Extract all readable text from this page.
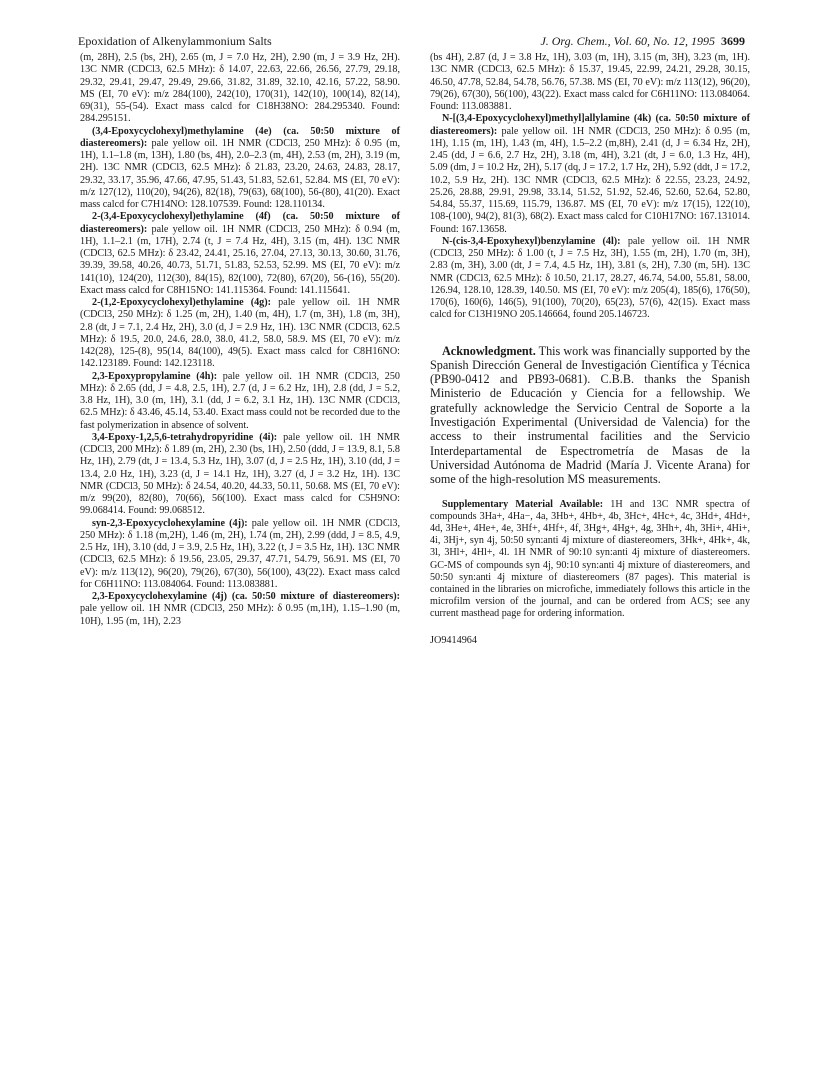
Epoxidation of Alkenylammonium Salts	J. Org. Chem., Vol. 60, No. 12, 1995 3699

(m, 28H), 2.5 (bs, 2H), 2.65 (m, J = 7.0 Hz, 2H), 2.90 (m, J = 3.9 Hz, 2H). 13C NMR (CDCl3, 62.5 MHz): δ 14.07, 22.63, 22.66, 26.56, 27.79, 29.18, 29.32, 29.41, 29.47, 29.49, 29.66, 31.82, 31.89, 32.10, 42.16, 57.22, 58.90. MS (EI, 70 eV): m/z 284(100), 242(10), 170(31), 142(10), 100(14), 82(14), 69(31), 55-(54). Exact mass calcd for C18H38NO: 284.295340. Found: 284.295151.

(3,4-Epoxycyclohexyl)methylamine (4e) (ca. 50:50 mixture of diastereomers): pale yellow oil. 1H NMR (CDCl3, 250 MHz): δ 0.95 (m, 1H), 1.1–1.8 (m, 13H), 1.80 (bs, 4H), 2.0–2.3 (m, 4H), 2.53 (m, 2H), 3.19 (m, 2H). 13C NMR (CDCl3, 62.5 MHz): δ 21.83, 23.20, 24.63, 24.83, 28.17, 29.32, 33.17, 35.96, 47.66, 47.95, 51.43, 51.83, 52.61, 52.84. MS (EI, 70 eV): m/z 127(12), 110(20), 94(26), 82(18), 79(63), 68(100), 56-(80), 41(20). Exact mass calcd for C7H14NO: 128.107539. Found: 128.110134.

2-(3,4-Epoxycyclohexyl)ethylamine (4f) (ca. 50:50 mixture of diastereomers): pale yellow oil. 1H NMR (CDCl3, 250 MHz): δ 0.94 (m, 1H), 1.1–2.1 (m, 17H), 2.74 (t, J = 7.4 Hz, 4H), 3.15 (m, 4H). 13C NMR (CDCl3, 62.5 MHz): δ 23.42, 24.41, 25.16, 27.04, 27.13, 30.13, 30.60, 31.76, 39.39, 39.58, 40.26, 40.73, 51.71, 51.83, 52.53, 52.99. MS (EI, 70 eV): m/z 141(10), 124(20), 112(30), 84(15), 82(100), 72(80), 67(20), 56-(16), 55(20). Exact mass calcd for C8H15NO: 141.115364. Found: 141.115641.

2-(1,2-Epoxycyclohexyl)ethylamine (4g): pale yellow oil. 1H NMR (CDCl3, 250 MHz): δ 1.25 (m, 2H), 1.40 (m, 4H), 1.7 (m, 3H), 1.8 (m, 3H), 2.8 (dt, J = 7.1, 2.4 Hz, 2H), 3.0 (d, J = 2.9 Hz, 1H). 13C NMR (CDCl3, 62.5 MHz): δ 19.5, 20.0, 24.6, 28.0, 38.0, 41.2, 58.0, 58.9. MS (EI, 70 eV): m/z 142(28), 125-(8), 95(14, 84(100), 49(5). Exact mass calcd for C8H16NO: 142.123189. Found: 142.123118.

2,3-Epoxypropylamine (4h): pale yellow oil. 1H NMR (CDCl3, 250 MHz): δ 2.65 (dd, J = 4.8, 2.5, 1H), 2.7 (d, J = 6.2 Hz, 1H), 2.8 (dd, J = 5.2, 3.8 Hz, 1H), 3.0 (m, 1H), 3.1 (dd, J = 6.2, 3.1 Hz, 1H). 13C NMR (CDCl3, 62.5 MHz): δ 43.46, 45.14, 53.40. Exact mass could not be recorded due to the fast polymerization in absence of solvent.

3,4-Epoxy-1,2,5,6-tetrahydropyridine (4i): pale yellow oil. 1H NMR (CDCl3, 200 MHz): δ 1.89 (m, 2H), 2.30 (bs, 1H), 2.50 (ddd, J = 13.9, 8.1, 5.8 Hz, 1H), 2.79 (dt, J = 13.4, 5.3 Hz, 1H), 3.07 (d, J = 2.5 Hz, 1H), 3.10 (dd, J = 13.4, 2.0 Hz, 1H), 3.23 (d, J = 14.1 Hz, 1H), 3.27 (d, J = 3.2 Hz, 1H). 13C NMR (CDCl3, 50 MHz): δ 24.54, 40.20, 44.33, 50.11, 50.68. MS (EI, 70 eV): m/z 99(20), 82(80), 70(66), 56(100). Exact mass calcd for C5H9NO: 99.068414. Found: 99.068512.

syn-2,3-Epoxycyclohexylamine (4j): pale yellow oil. 1H NMR (CDCl3, 250 MHz): δ 1.18 (m,2H), 1.46 (m, 2H), 1.74 (m, 2H), 2.99 (ddd, J = 8.5, 4.9, 2.5 Hz, 1H), 3.10 (dd, J = 3.9, 2.5 Hz, 1H), 3.22 (t, J = 3.5 Hz, 1H). 13C NMR (CDCl3, 62.5 MHz): δ 19.56, 23.05, 29.37, 47.71, 54.79, 56.91. MS (EI, 70 eV): m/z 113(12), 96(20), 79(26), 67(30), 56(100), 43(22). Exact mass calcd for C6H11NO: 113.084064. Found: 113.083881.

2,3-Epoxycyclohexylamine (4j) (ca. 50:50 mixture of diastereomers): pale yellow oil. 1H NMR (CDCl3, 250 MHz): δ 0.95 (m,1H), 1.15–1.90 (m, 10H), 1.95 (m, 1H), 2.23

(bs 4H), 2.87 (d, J = 3.8 Hz, 1H), 3.03 (m, 1H), 3.15 (m, 3H), 3.23 (m, 1H). 13C NMR (CDCl3, 62.5 MHz): δ 15.37, 19.45, 22.99, 24.21, 29.28, 30.15, 46.50, 47.78, 52.84, 54.78, 56.76, 57.38. MS (EI, 70 eV): m/z 113(12), 96(20), 79(26), 67(30), 56(100), 43(22). Exact mass calcd for C6H11NO: 113.084064. Found: 113.083881.

N-[(3,4-Epoxycyclohexyl)methyl]allylamine (4k) (ca. 50:50 mixture of diastereomers): pale yellow oil. 1H NMR (CDCl3, 250 MHz): δ 0.95 (m, 1H), 1.15 (m, 1H), 1.43 (m, 4H), 1.5–2.2 (m,8H), 2.41 (d, J = 6.34 Hz, 2H), 2.45 (dd, J = 6.6, 2.7 Hz, 2H), 3.18 (m, 4H), 3.21 (dt, J = 6.0, 1.3 Hz, 4H), 5.09 (dm, J = 10.2 Hz, 2H), 5.17 (dq, J = 17.2, 1.7 Hz, 2H), 5.92 (ddt, J = 17.2, 10.2, 5.9 Hz, 2H). 13C NMR (CDCl3, 62.5 MHz): δ 22.55, 23.23, 24.92, 25.26, 28.88, 29.91, 29.98, 33.14, 51.52, 51.92, 52.46, 52.60, 52.64, 52.80, 54.84, 55.37, 115.69, 115.79, 136.87. MS (EI, 70 eV): m/z 17(15), 122(10), 108-(100), 94(2), 81(3), 68(2). Exact mass calcd for C10H17NO: 167.131014. Found: 167.13658.

N-(cis-3,4-Epoxyhexyl)benzylamine (4l): pale yellow oil. 1H NMR (CDCl3, 250 MHz): δ 1.00 (t, J = 7.5 Hz, 3H), 1.55 (m, 2H), 1.70 (m, 3H), 2.83 (m, 3H), 3.00 (dt, J = 7.4, 4.5 Hz, 1H), 3.81 (s, 2H), 7.30 (m, 5H). 13C NMR (CDCl3, 62.5 MHz): δ 10.50, 21.17, 28.27, 46.74, 54.00, 55.81, 58.00, 126.94, 128.10, 128.39, 140.50. MS (EI, 70 eV): m/z 205(4), 185(6), 176(50), 170(6), 160(6), 146(5), 91(100), 70(20), 65(23), 57(6), 42(15). Exact mass calcd for C13H19NO 205.146664, found 205.146723.

Acknowledgment. This work was financially supported by the Spanish Dirección General de Investigación Científica y Técnica (PB90-0412 and PB93-0681). C.B.B. thanks the Spanish Ministerio de Educación y Ciencia for a fellowship. We gratefully acknowledge the Servicio Central de Soporte a la Investigación Experimental (Universidad de Valencia) for the access to their instrumental facilities and the Servicio Interdepartamental de Espectrometría de Masas de la Universidad Autónoma de Madrid (María J. Vicente Arana) for some of the high-resolution MS measurements.

Supplementary Material Available: 1H and 13C NMR spectra of compounds 3Ha+, 4Ha−, 4a, 3Hb+, 4Hb+, 4b, 3Hc+, 4Hc+, 4c, 3Hd+, 4Hd+, 4d, 3He+, 4He+, 4e, 3Hf+, 4Hf+, 4f, 3Hg+, 4Hg+, 4g, 3Hh+, 4h, 3Hi+, 4Hi+, 4i, 3Hj+, syn 4j, 50:50 syn:anti 4j mixture of diastereomers, 3Hk+, 4Hk+, 4k, 3l, 3Hl+, 4Hl+, 4l. 1H NMR of 90:10 syn:anti 4j mixture of diastereomers. GC-MS of compounds syn 4j, 90:10 syn:anti 4j mixture of diastereomers, and 50:50 syn:anti 4j mixture of diastereomers (87 pages). This material is contained in the libraries on microfiche, immediately follows this article in the microfilm version of the journal, and can be ordered from ACS; see any current masthead page for ordering information.

JO9414964
